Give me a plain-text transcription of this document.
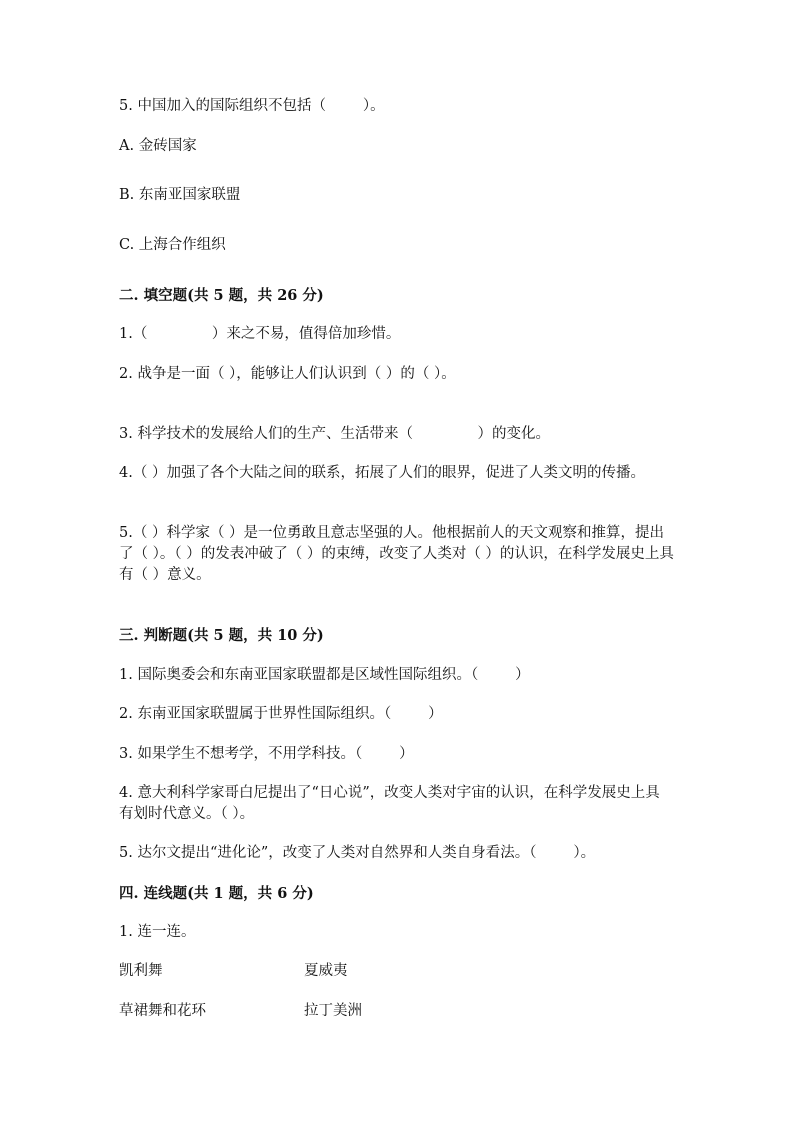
5. 中国加入的国际组织不包括（        ）。
A. 金砖国家
B. 东南亚国家联盟
C. 上海合作组织
二. 填空题(共 5 题，共 26 分)
1.（              ）来之不易，值得倍加珍惜。
2. 战争是一面（ ），能够让人们认识到（ ）的（ ）。
3. 科学技术的发展给人们的生产、生活带来（              ）的变化。
4.（ ）加强了各个大陆之间的联系，拓展了人们的眼界，促进了人类文明的传播。
5.（ ）科学家（ ）是一位勇敢且意志坚强的人。他根据前人的天文观察和推算，提出了（ ）。（ ）的发表冲破了（ ）的束缚，改变了人类对（ ）的认识，在科学发展史上具有（ ）意义。
三. 判断题(共 5 题，共 10 分)
1. 国际奥委会和东南亚国家联盟都是区域性国际组织。（        ）
2. 东南亚国家联盟属于世界性国际组织。（        ）
3. 如果学生不想考学，不用学科技。（        ）
4. 意大利科学家哥白尼提出了“日心说”，改变人类对宇宙的认识，在科学发展史上具有划时代意义。（ ）。
5. 达尔文提出“进化论”，改变了人类对自然界和人类自身看法。（        ）。
四. 连线题(共 1 题，共 6 分)
1. 连一连。
凯利舞	夏威夷
草裙舞和花环	拉丁美洲
